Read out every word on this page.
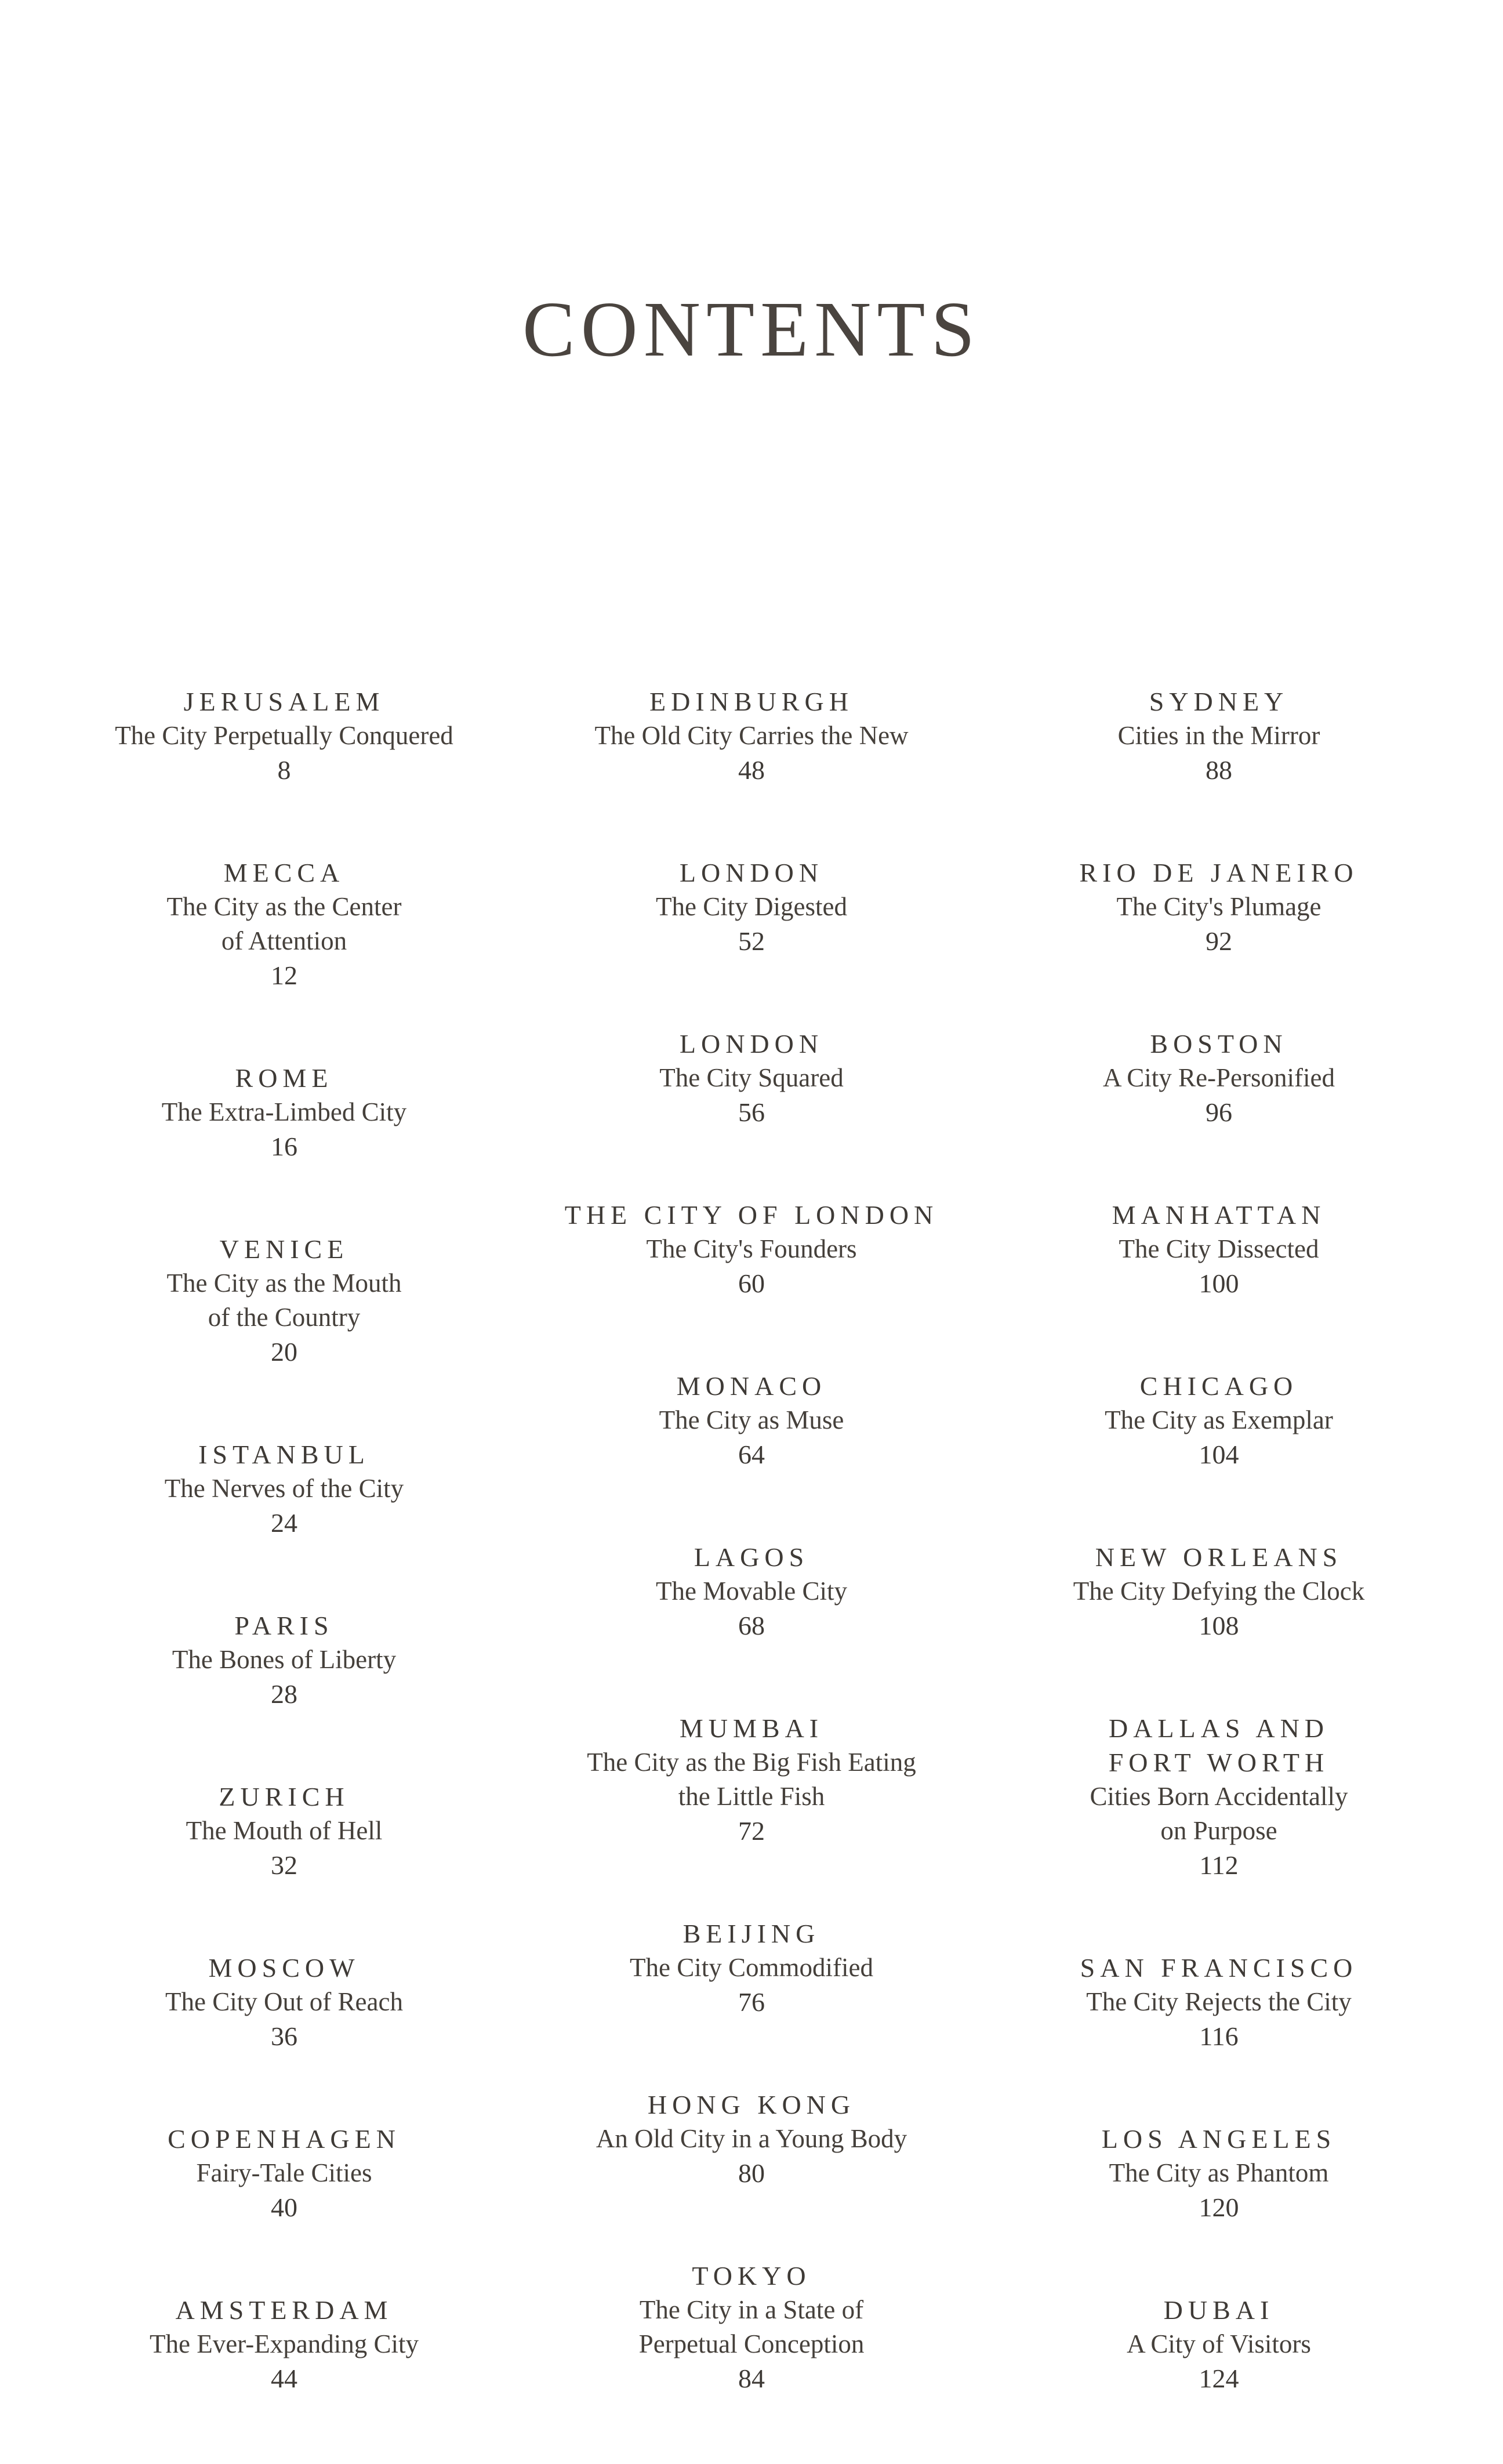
CONTENTS
JERUSALEM
The City Perpetually Conquered
8
MECCA
The City as the Center
of Attention
12
ROME
The Extra-Limbed City
16
VENICE
The City as the Mouth
of the Country
20
ISTANBUL
The Nerves of the City
24
PARIS
The Bones of Liberty
28
ZURICH
The Mouth of Hell
32
MOSCOW
The City Out of Reach
36
COPENHAGEN
Fairy-Tale Cities
40
AMSTERDAM
The Ever-Expanding City
44
EDINBURGH
The Old City Carries the New
48
LONDON
The City Digested
52
LONDON
The City Squared
56
THE CITY OF LONDON
The City's Founders
60
MONACO
The City as Muse
64
LAGOS
The Movable City
68
MUMBAI
The City as the Big Fish Eating
the Little Fish
72
BEIJING
The City Commodified
76
HONG KONG
An Old City in a Young Body
80
TOKYO
The City in a State of
Perpetual Conception
84
SYDNEY
Cities in the Mirror
88
RIO DE JANEIRO
The City's Plumage
92
BOSTON
A City Re-Personified
96
MANHATTAN
The City Dissected
100
CHICAGO
The City as Exemplar
104
NEW ORLEANS
The City Defying the Clock
108
DALLAS AND
FORT WORTH
Cities Born Accidentally
on Purpose
112
SAN FRANCISCO
The City Rejects the City
116
LOS ANGELES
The City as Phantom
120
DUBAI
A City of Visitors
124
